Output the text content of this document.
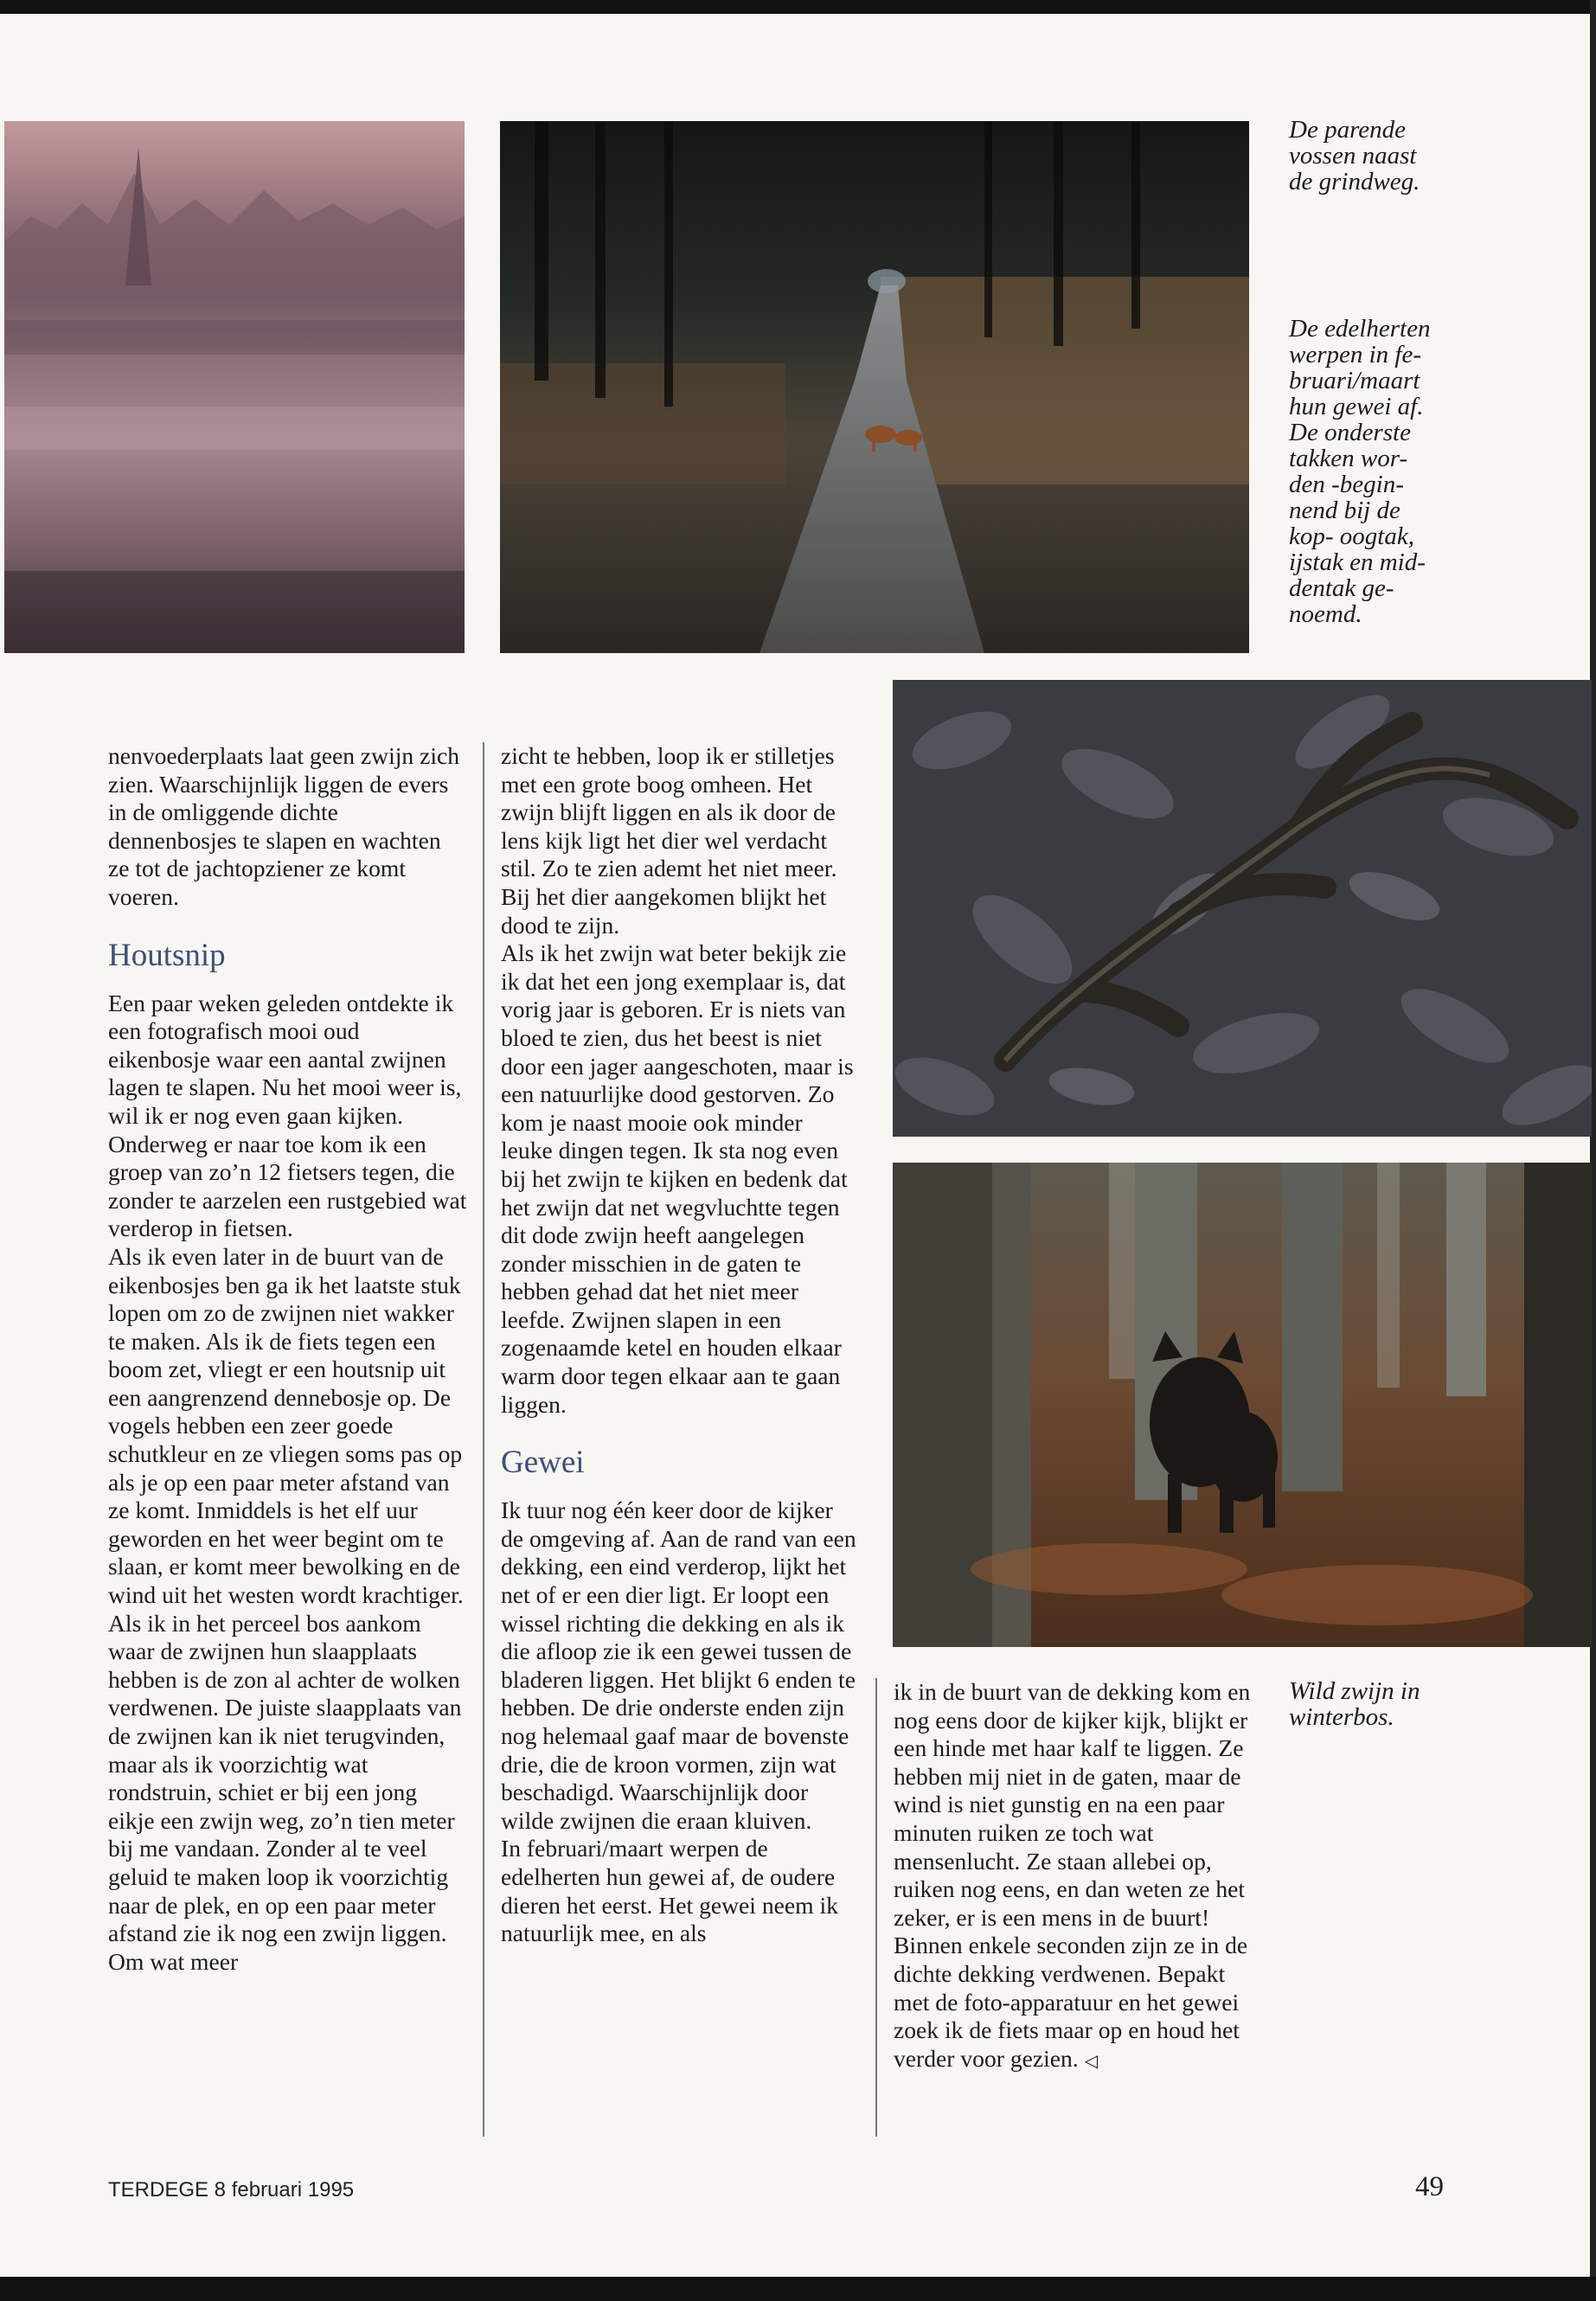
De parende
vossen naast
de grindweg.
De edelherten
werpen in fe-
bruari/maart
hun gewei af.
De onderste
takken wor-
den -begin-
nend bij de
kop- oogtak,
ijstak en mid-
dentak ge-
noemd.
Wild zwijn in
winterbos.

nenvoederplaats laat geen zwijn zich zien. Waarschijnlijk liggen de evers in de omliggende dichte dennenbosjes te slapen en wachten ze tot de jachtopziener ze komt voeren.

Houtsnip

Een paar weken geleden ontdekte ik een fotografisch mooi oud eikenbosje waar een aantal zwijnen lagen te slapen. Nu het mooi weer is, wil ik er nog even gaan kijken. Onderweg er naar toe kom ik een groep van zo’n 12 fietsers tegen, die zonder te aarzelen een rustgebied wat verderop in fietsen.

Als ik even later in de buurt van de eikenbosjes ben ga ik het laatste stuk lopen om zo de zwijnen niet wakker te maken. Als ik de fiets tegen een boom zet, vliegt er een houtsnip uit een aangrenzend dennebosje op. De vogels hebben een zeer goede schutkleur en ze vliegen soms pas op als je op een paar meter afstand van ze komt. Inmiddels is het elf uur geworden en het weer begint om te slaan, er komt meer bewolking en de wind uit het westen wordt krachtiger. Als ik in het perceel bos aankom waar de zwijnen hun slaapplaats hebben is de zon al achter de wolken verdwenen. De juiste slaapplaats van de zwijnen kan ik niet terugvinden, maar als ik voorzichtig wat rondstruin, schiet er bij een jong eikje een zwijn weg, zo’n tien meter bij me vandaan. Zonder al te veel geluid te maken loop ik voorzichtig naar de plek, en op een paar meter afstand zie ik nog een zwijn liggen. Om wat meer

zicht te hebben, loop ik er stilletjes met een grote boog omheen. Het zwijn blijft liggen en als ik door de lens kijk ligt het dier wel verdacht stil. Zo te zien ademt het niet meer. Bij het dier aangekomen blijkt het dood te zijn.

Als ik het zwijn wat beter bekijk zie ik dat het een jong exemplaar is, dat vorig jaar is geboren. Er is niets van bloed te zien, dus het beest is niet door een jager aangeschoten, maar is een natuurlijke dood gestorven. Zo kom je naast mooie ook minder leuke dingen tegen. Ik sta nog even bij het zwijn te kijken en bedenk dat het zwijn dat net wegvluchtte tegen dit dode zwijn heeft aangelegen zonder misschien in de gaten te hebben gehad dat het niet meer leefde. Zwijnen slapen in een zogenaamde ketel en houden elkaar warm door tegen elkaar aan te gaan liggen.

Gewei

Ik tuur nog één keer door de kijker de omgeving af. Aan de rand van een dekking, een eind verderop, lijkt het net of er een dier ligt. Er loopt een wissel richting die dekking en als ik die afloop zie ik een gewei tussen de bladeren liggen. Het blijkt 6 enden te hebben. De drie onderste enden zijn nog helemaal gaaf maar de bovenste drie, die de kroon vormen, zijn wat beschadigd. Waarschijnlijk door wilde zwijnen die eraan kluiven.

In februari/maart werpen de edelherten hun gewei af, de oudere dieren het eerst. Het gewei neem ik natuurlijk mee, en als

ik in de buurt van de dekking kom en nog eens door de kijker kijk, blijkt er een hinde met haar kalf te liggen. Ze hebben mij niet in de gaten, maar de wind is niet gunstig en na een paar minuten ruiken ze toch wat mensenlucht. Ze staan allebei op, ruiken nog eens, en dan weten ze het zeker, er is een mens in de buurt! Binnen enkele seconden zijn ze in de dichte dekking verdwenen. Bepakt met de foto-apparatuur en het gewei zoek ik de fiets maar op en houd het verder voor gezien. ◁

TERDEGE 8 februari 1995	49
